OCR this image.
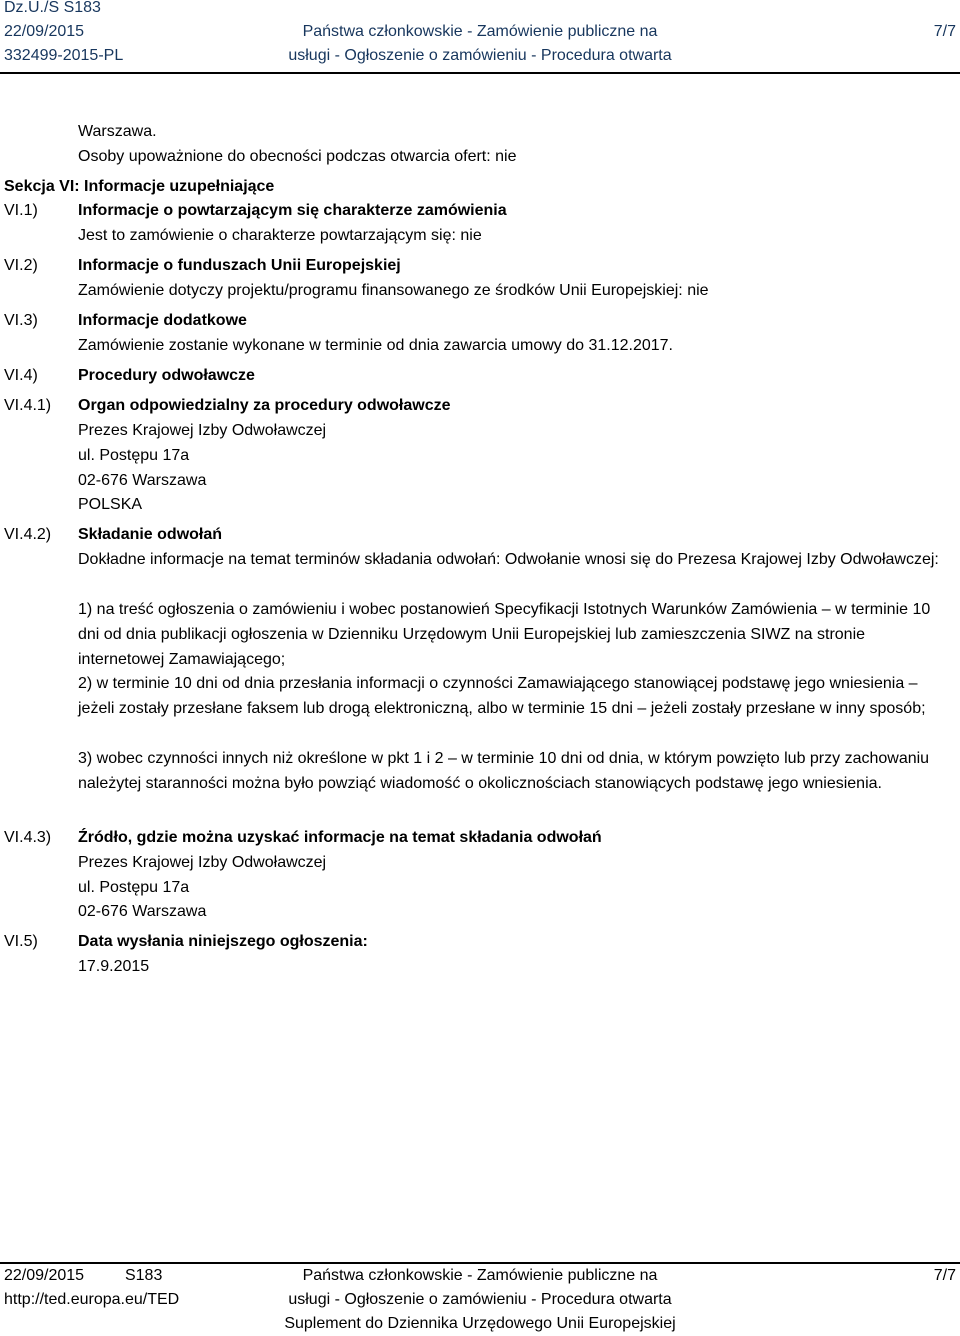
Dz.U./S S183
22/09/2015
332499-2015-PL
Państwa członkowskie - Zamówienie publiczne na
usługi - Ogłoszenie o zamówieniu - Procedura otwarta
7/7
Warszawa.
Osoby upoważnione do obecności podczas otwarcia ofert: nie
Sekcja VI: Informacje uzupełniające
VI.1)	Informacje o powtarzającym się charakterze zamówienia
Jest to zamówienie o charakterze powtarzającym się: nie
VI.2)	Informacje o funduszach Unii Europejskiej
Zamówienie dotyczy projektu/programu finansowanego ze środków Unii Europejskiej: nie
VI.3)	Informacje dodatkowe
Zamówienie zostanie wykonane w terminie od dnia zawarcia umowy do 31.12.2017.
VI.4)	Procedury odwoławcze
VI.4.1) Organ odpowiedzialny za procedury odwoławcze
Prezes Krajowej Izby Odwoławczej
ul. Postępu 17a
02-676 Warszawa
POLSKA
VI.4.2) Składanie odwołań
Dokładne informacje na temat terminów składania odwołań: Odwołanie wnosi się do Prezesa Krajowej Izby Odwoławczej:
1) na treść ogłoszenia o zamówieniu i wobec postanowień Specyfikacji Istotnych Warunków Zamówienia – w terminie 10 dni od dnia publikacji ogłoszenia w Dzienniku Urzędowym Unii Europejskiej lub zamieszczenia SIWZ na stronie internetowej Zamawiającego;
2) w terminie 10 dni od dnia przesłania informacji o czynności Zamawiającego stanowiącej podstawę jego wniesienia – jeżeli zostały przesłane faksem lub drogą elektroniczną, albo w terminie 15 dni – jeżeli zostały przesłane w inny sposób;
3) wobec czynności innych niż określone w pkt 1 i 2 – w terminie 10 dni od dnia, w którym powzięto lub przy zachowaniu należytej staranności można było powziąć wiadomość o okolicznościach stanowiących podstawę jego wniesienia.
VI.4.3) Źródło, gdzie można uzyskać informacje na temat składania odwołań
Prezes Krajowej Izby Odwoławczej
ul. Postępu 17a
02-676 Warszawa
VI.5)	Data wysłania niniejszego ogłoszenia:
17.9.2015
22/09/2015	S183
http://ted.europa.eu/TED
Państwa członkowskie - Zamówienie publiczne na
usługi - Ogłoszenie o zamówieniu - Procedura otwarta
Suplement do Dziennika Urzędowego Unii Europejskiej
7/7
